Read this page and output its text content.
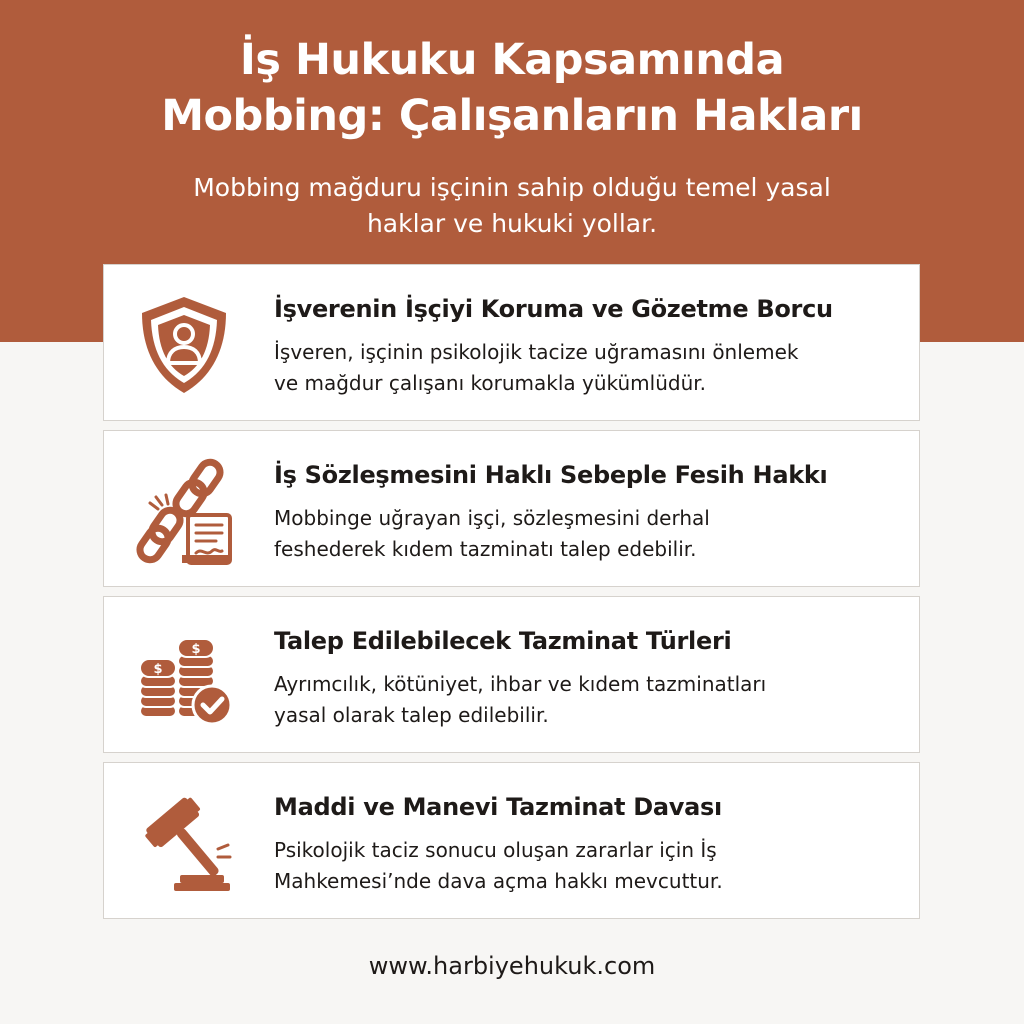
İş Hukuku Kapsamında
Mobbing: Çalışanların Hakları
Mobbing mağduru işçinin sahip olduğu temel yasal
haklar ve hukuki yollar.
İşverenin İşçiyi Koruma ve Gözetme Borcu
İşveren, işçinin psikolojik tacize uğramasını önlemek
ve mağdur çalışanı korumakla yükümlüdür.
İş Sözleşmesini Haklı Sebeple Fesih Hakkı
Mobbinge uğrayan işçi, sözleşmesini derhal
feshederek kıdem tazminatı talep edebilir.
$
$	Talep Edilebilecek Tazminat Türleri
Ayrımcılık, kötüniyet, ihbar ve kıdem tazminatları
yasal olarak talep edilebilir.
Maddi ve Manevi Tazminat Davası
Psikolojik taciz sonucu oluşan zararlar için İş
Mahkemesi’nde dava açma hakkı mevcuttur.
www.harbiyehukuk.com
